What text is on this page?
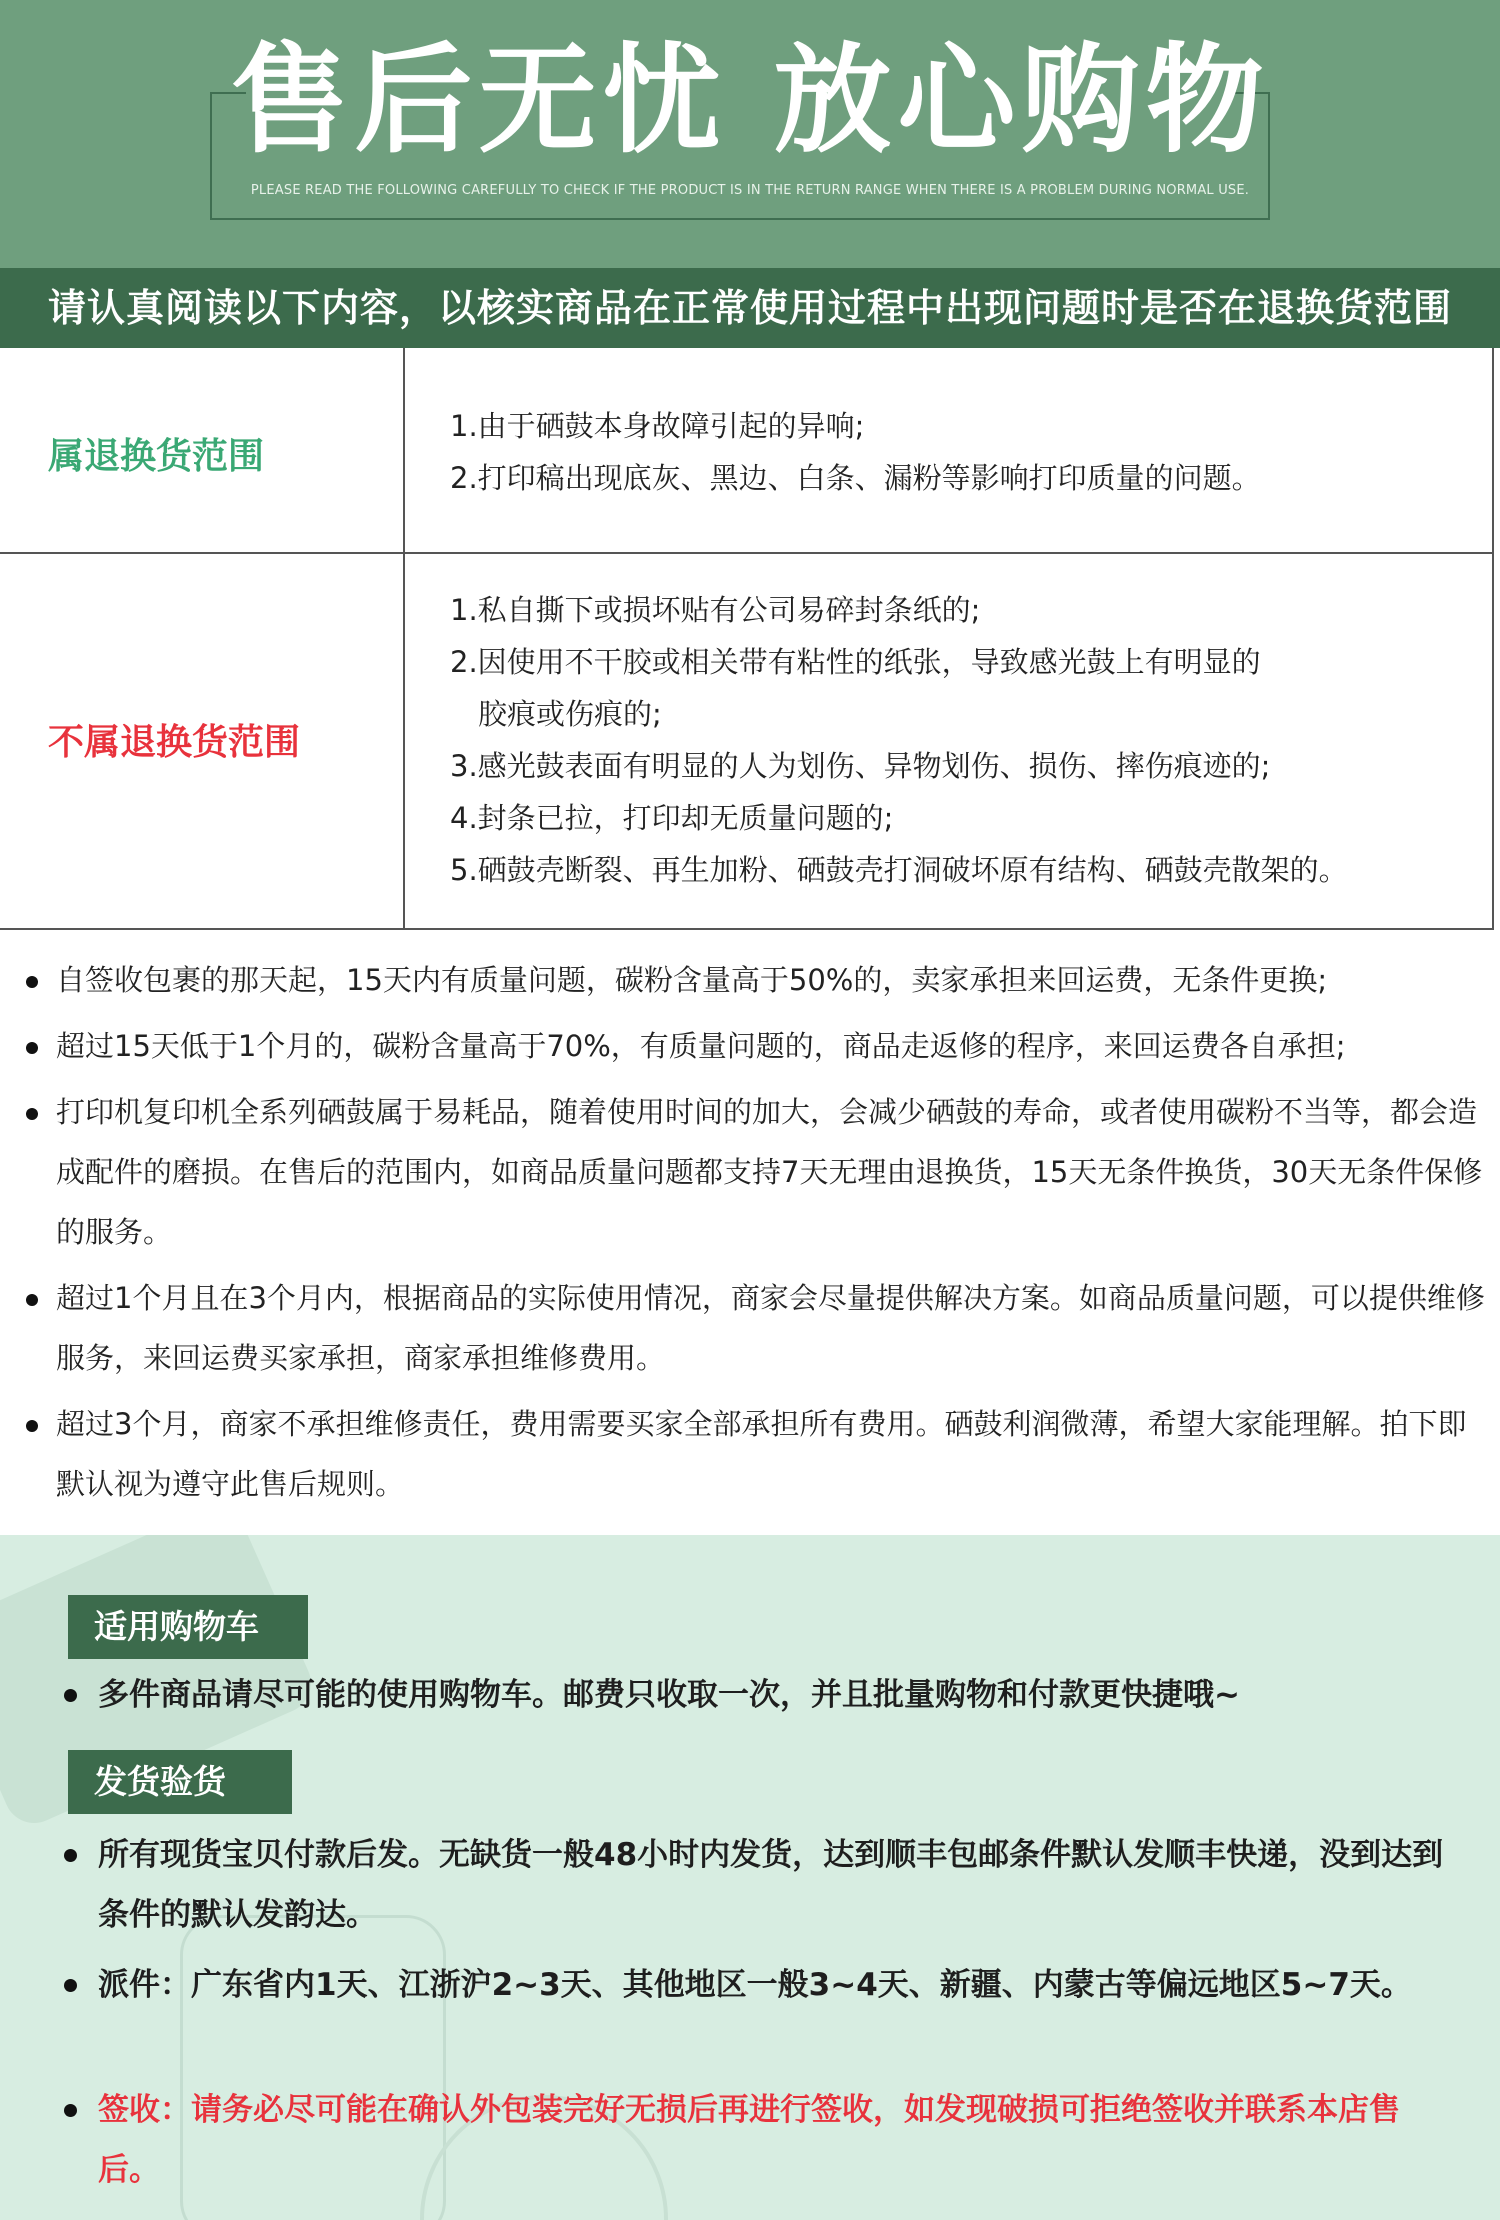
售后无忧 放心购物
PLEASE READ THE FOLLOWING CAREFULLY TO CHECK IF THE PRODUCT IS IN THE RETURN RANGE WHEN THERE IS A PROBLEM DURING NORMAL USE.
请认真阅读以下内容，以核实商品在正常使用过程中出现问题时是否在退换货范围
属退换货范围
1.由于硒鼓本身故障引起的异响;
2.打印稿出现底灰、黑边、白条、漏粉等影响打印质量的问题。
不属退换货范围
1.私自撕下或损坏贴有公司易碎封条纸的;
2.因使用不干胶或相关带有粘性的纸张，导致感光鼓上有明显的
胶痕或伤痕的;
3.感光鼓表面有明显的人为划伤、异物划伤、损伤、摔伤痕迹的;
4.封条已拉，打印却无质量问题的;
5.硒鼓壳断裂、再生加粉、硒鼓壳打洞破坏原有结构、硒鼓壳散架的。
自签收包裹的那天起，15天内有质量问题，碳粉含量高于50%的，卖家承担来回运费，无条件更换;
超过15天低于1个月的，碳粉含量高于70%，有质量问题的，商品走返修的程序，来回运费各自承担;
打印机复印机全系列硒鼓属于易耗品，随着使用时间的加大，会减少硒鼓的寿命，或者使用碳粉不当等，都会造成配件的磨损。在售后的范围内，如商品质量问题都支持7天无理由退换货，15天无条件换货，30天无条件保修的服务。
超过1个月且在3个月内，根据商品的实际使用情况，商家会尽量提供解决方案。如商品质量问题，可以提供维修服务，来回运费买家承担，商家承担维修费用。
超过3个月，商家不承担维修责任，费用需要买家全部承担所有费用。硒鼓利润微薄，希望大家能理解。拍下即默认视为遵守此售后规则。
适用购物车
多件商品请尽可能的使用购物车。邮费只收取一次，并且批量购物和付款更快捷哦~
发货验货
所有现货宝贝付款后发。无缺货一般48小时内发货，达到顺丰包邮条件默认发顺丰快递，没到达到条件的默认发韵达。
派件：广东省内1天、江浙沪2~3天、其他地区一般3~4天、新疆、内蒙古等偏远地区5~7天。
签收：请务必尽可能在确认外包装完好无损后再进行签收，如发现破损可拒绝签收并联系本店售后。
